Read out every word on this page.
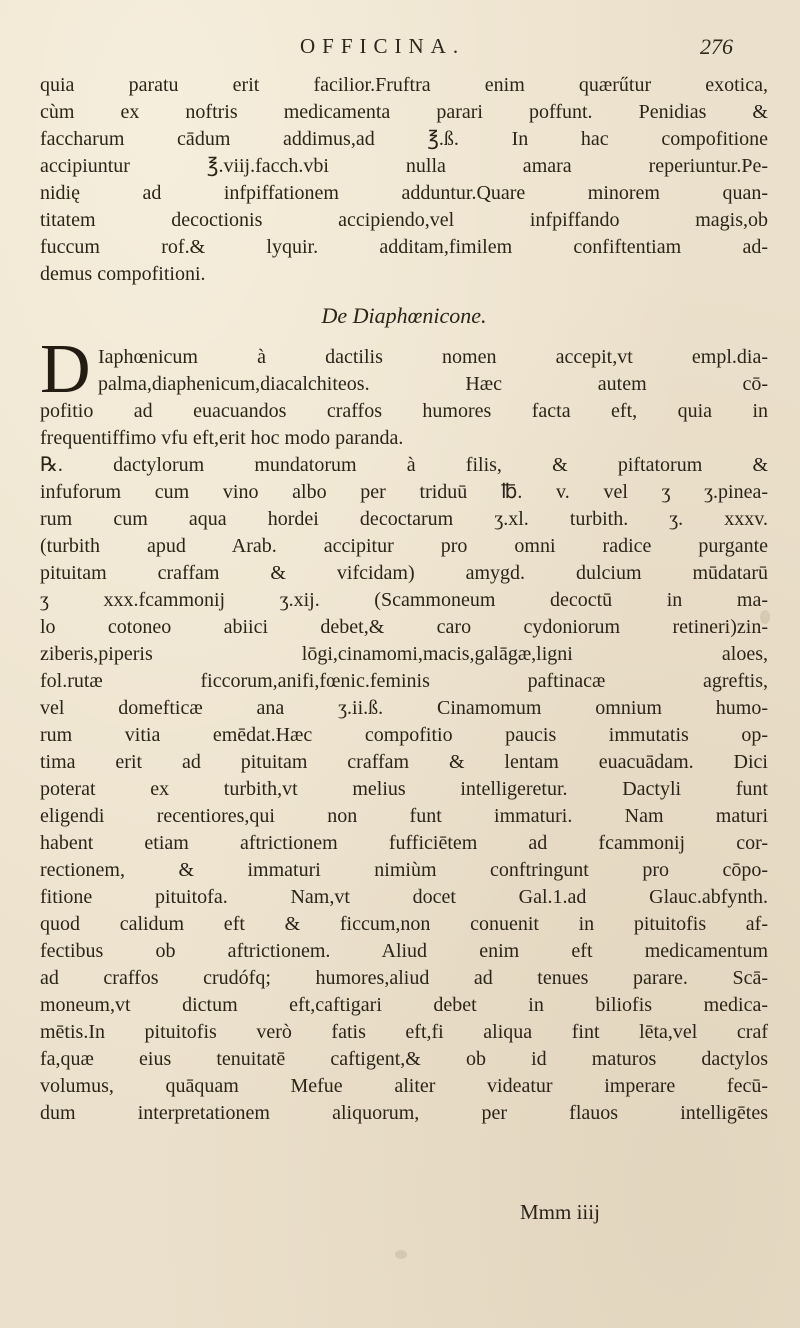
OFFICINA.	276
quia paratu erit facilior.Fruftra enim quærűtur exotica,
cùm ex noftris medicamenta parari poffunt. Penidias &
faccharum cādum addimus,ad ℥.ß. In hac compofitione
accipiuntur ℥.viij.facch.vbi nulla amara reperiuntur.Pe-
nidię ad infpiffationem adduntur.Quare minorem quan-
titatem decoctionis accipiendo,vel infpiffando magis,ob
fuccum rof.& lyquir. additam,fimilem confiftentiam ad-
demus compofitioni.
De Diaphœnicone.
D Iaphœnicum à dactilis nomen accepit,vt empl.dia-
palma,diaphenicum,diacalchiteos. Hæc autem cō-
pofitio ad euacuandos craffos humores facta eft, quia in
frequentiffimo vfu eft,erit hoc modo paranda.
℞. dactylorum mundatorum à filis, & piftatorum &
infuforum cum vino albo per triduū ℔. v. vel ʒ ʒ.pinea-
rum cum aqua hordei decoctarum ʒ.xl. turbith. ʒ. xxxv.
(turbith apud Arab. accipitur pro omni radice purgante
pituitam craffam & vifcidam) amygd. dulcium mūdatarū
ʒ xxx.fcammonij ʒ.xij. (Scammoneum decoctū in ma-
lo cotoneo abiici debet,& caro cydoniorum retineri)zin-
ziberis,piperis lōgi,cinamomi,macis,galāgæ,ligni aloes,
fol.rutæ ficcorum,anifi,fœnic.feminis paftinacæ agreftis,
vel domefticæ ana ʒ.ii.ß. Cinamomum omnium humo-
rum vitia emēdat.Hæc compofitio paucis immutatis op-
tima erit ad pituitam craffam & lentam euacuādam. Dici
poterat ex turbith,vt melius intelligeretur. Dactyli funt
eligendi recentiores,qui non funt immaturi. Nam maturi
habent etiam aftrictionem fufficiētem ad fcammonij cor-
rectionem, & immaturi nimiùm conftringunt pro cōpo-
fitione pituitofa. Nam,vt docet Gal.1.ad Glauc.abfynth.
quod calidum eft & ficcum,non conuenit in pituitofis af-
fectibus ob aftrictionem. Aliud enim eft medicamentum
ad craffos crudófq; humores,aliud ad tenues parare. Scā-
moneum,vt dictum eft,caftigari debet in biliofis medica-
mētis.In pituitofis verò fatis eft,fi aliqua fint lēta,vel craf
fa,quæ eius tenuitatē caftigent,& ob id maturos dactylos
volumus, quāquam Mefue aliter videatur imperare fecū-
dum interpretationem aliquorum, per flauos intelligētes
Mmm iiij
